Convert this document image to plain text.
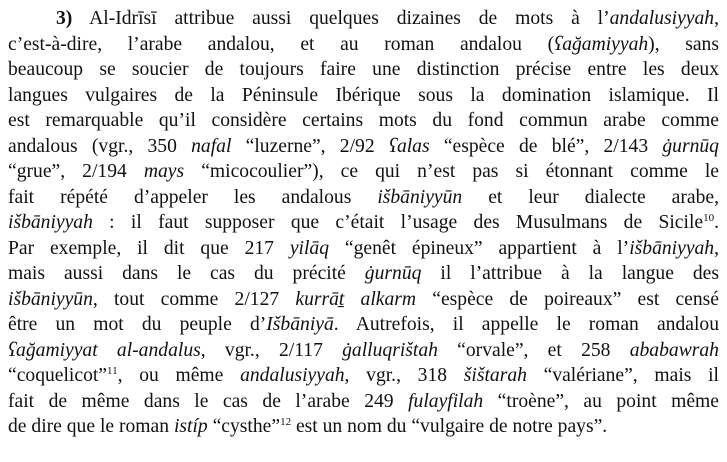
3) Al-Idrīsī attribue aussi quelques dizaines de mots à l’andalusiyyah,
c’est-à-dire, l’arabe andalou, et au roman andalou (ʕağamiyyah), sans
beaucoup se soucier de toujours faire une distinction précise entre les deux
langues vulgaires de la Péninsule Ibérique sous la domination islamique. Il
est remarquable qu’il considère certains mots du fond commun arabe comme
andalous (vgr., 350 nafal “luzerne”, 2/92 ʕalas “espèce de blé”, 2/143 ġurnūq
“grue”, 2/194 mays “micocoulier”), ce qui n’est pas si étonnant comme le
fait répété d’appeler les andalous išbāniyyūn et leur dialecte arabe,
išbāniyyah : il faut supposer que c’était l’usage des Musulmans de Sicile$^{10}$.
Par exemple, il dit que 217 yilāq “genêt épineux” appartient à l’išbāniyyah,
mais aussi dans le cas du précité ġurnūq il l’attribue à la langue des
išbāniyyūn, tout comme 2/127 kurrāṯ alkarm “espèce de poireaux” est censé
être un mot du peuple d’Išbāniyā. Autrefois, il appelle le roman andalou
ʕağamiyyat al-andalus, vgr., 2/117 ġalluqrištah “orvale”, et 258 ababawrah
“coquelicot”$^{11}$, ou même andalusiyyah, vgr., 318 šištarah “valériane”, mais il
fait de même dans le cas de l’arabe 249 fulayfilah “troène”, au point même
de dire que le roman istíp “cysthe”$^{12}$ est un nom du “vulgaire de notre pays”.
